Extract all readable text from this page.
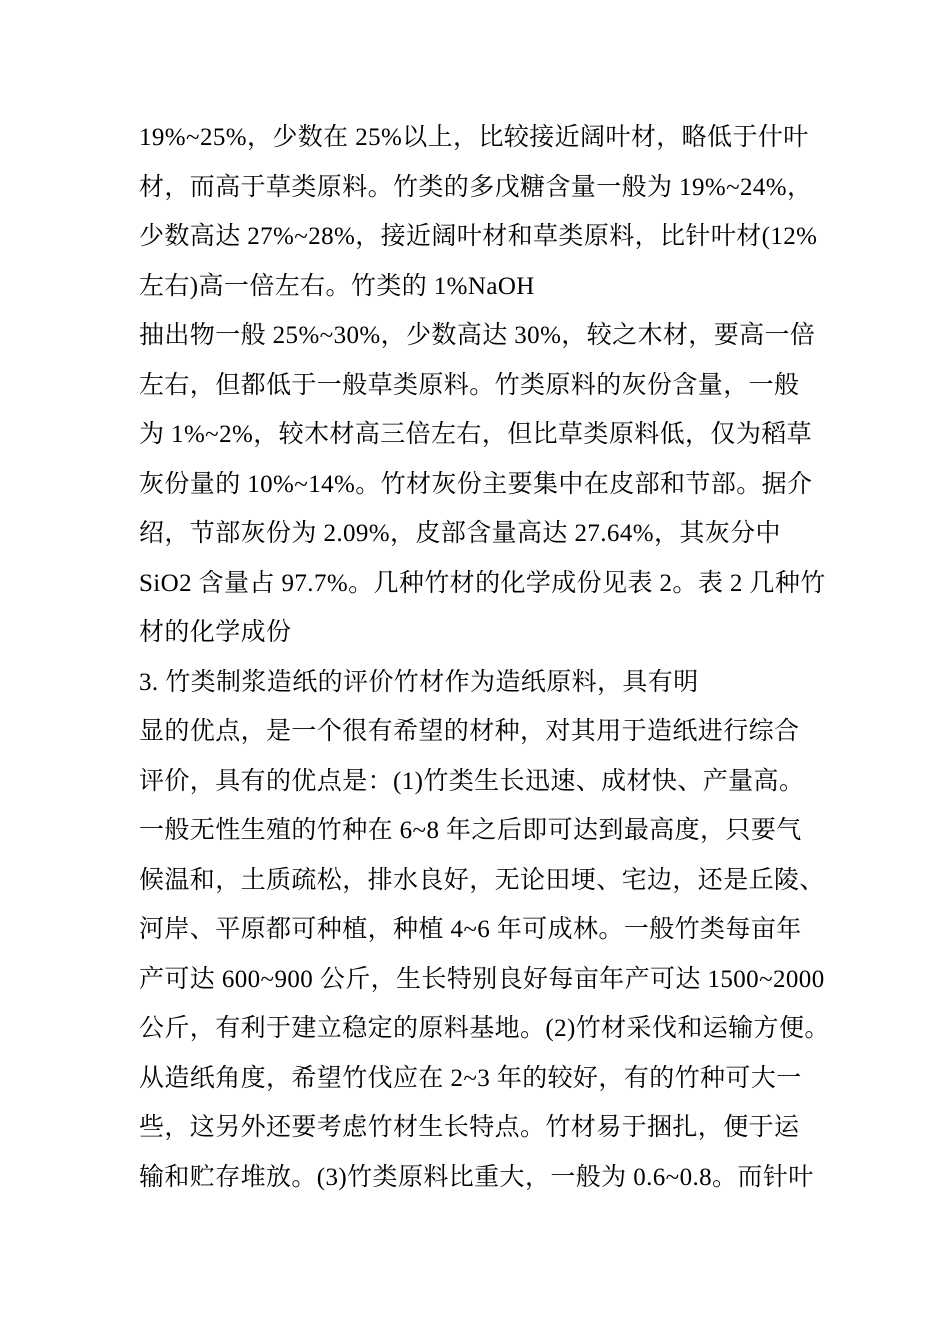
19%~25%，少数在 25%以上，比较接近阔叶材，略低于什叶
材，而高于草类原料。竹类的多戊糖含量一般为 19%~24%，
少数高达 27%~28%，接近阔叶材和草类原料，比针叶材(12%
左右)高一倍左右。竹类的 1%NaOH
抽出物一般 25%~30%，少数高达 30%，较之木材，要高一倍
左右，但都低于一般草类原料。竹类原料的灰份含量，一般
为 1%~2%，较木材高三倍左右，但比草类原料低，仅为稻草
灰份量的 10%~14%。竹材灰份主要集中在皮部和节部。据介
绍，节部灰份为 2.09%，皮部含量高达 27.64%，其灰分中
SiO2 含量占 97.7%。几种竹材的化学成份见表 2。表 2 几种竹
材的化学成份
3. 竹类制浆造纸的评价竹材作为造纸原料，具有明
显的优点，是一个很有希望的材种，对其用于造纸进行综合
评价，具有的优点是：(1)竹类生长迅速、成材快、产量高。
一般无性生殖的竹种在 6~8 年之后即可达到最高度，只要气
候温和，土质疏松，排水良好，无论田埂、宅边，还是丘陵、
河岸、平原都可种植，种植 4~6 年可成林。一般竹类每亩年
产可达 600~900 公斤，生长特别良好每亩年产可达 1500~2000
公斤，有利于建立稳定的原料基地。(2)竹材采伐和运输方便。
从造纸角度，希望竹伐应在 2~3 年的较好，有的竹种可大一
些，这另外还要考虑竹材生长特点。竹材易于捆扎，便于运
输和贮存堆放。(3)竹类原料比重大，一般为 0.6~0.8。而针叶
